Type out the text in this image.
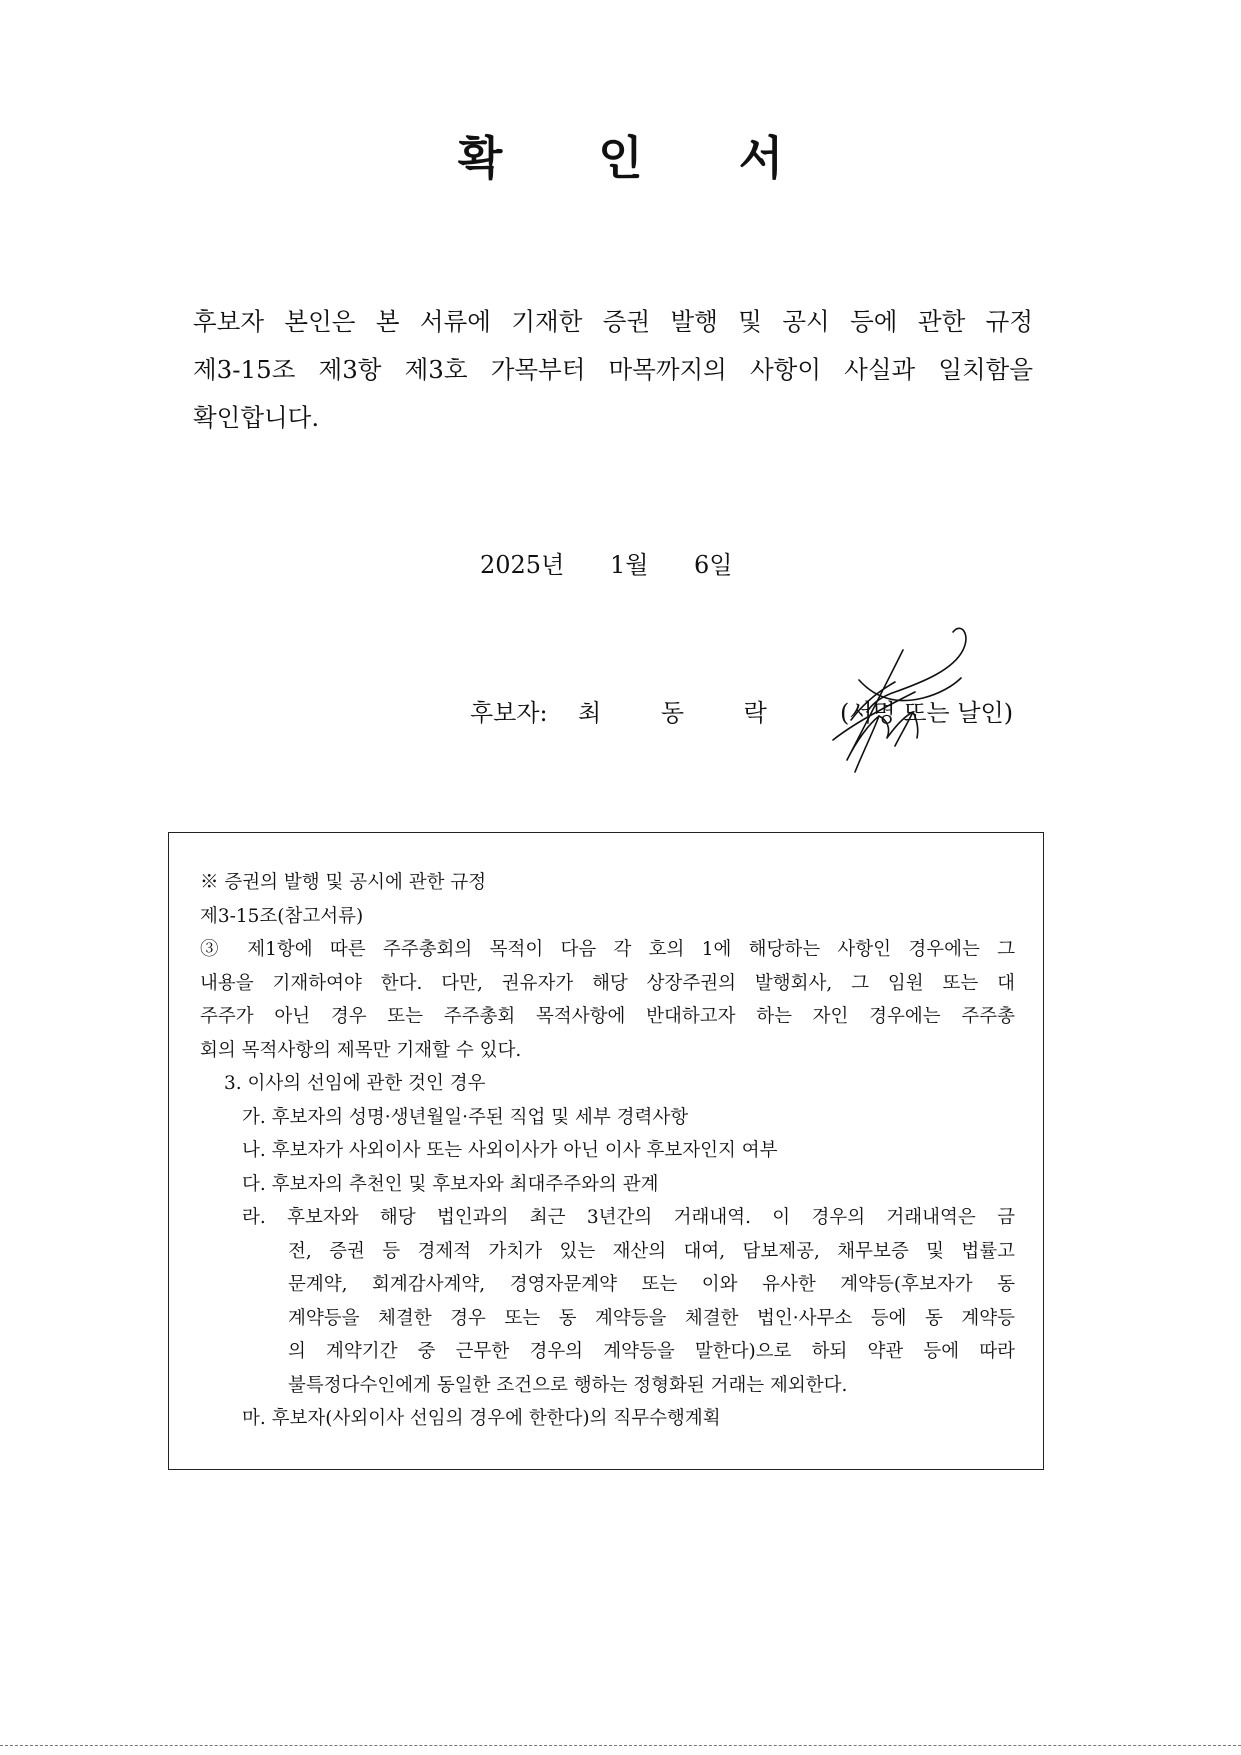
확 인 서
후보자 본인은 본 서류에 기재한 증권 발행 및 공시 등에 관한 규정
제3-15조 제3항 제3호 가목부터 마목까지의 사항이 사실과 일치함을
확인합니다.
2025년 1월 6일
후보자: 최 동 락 (서명 또는 날인)
※ 증권의 발행 및 공시에 관한 규정
제3-15조(참고서류)
③ 제1항에 따른 주주총회의 목적이 다음 각 호의 1에 해당하는 사항인 경우에는 그
내용을 기재하여야 한다. 다만, 권유자가 해당 상장주권의 발행회사, 그 임원 또는 대
주주가 아닌 경우 또는 주주총회 목적사항에 반대하고자 하는 자인 경우에는 주주총
회의 목적사항의 제목만 기재할 수 있다.
3. 이사의 선임에 관한 것인 경우
가. 후보자의 성명·생년월일·주된 직업 및 세부 경력사항
나. 후보자가 사외이사 또는 사외이사가 아닌 이사 후보자인지 여부
다. 후보자의 추천인 및 후보자와 최대주주와의 관계
라. 후보자와 해당 법인과의 최근 3년간의 거래내역. 이 경우의 거래내역은 금
전, 증권 등 경제적 가치가 있는 재산의 대여, 담보제공, 채무보증 및 법률고
문계약, 회계감사계약, 경영자문계약 또는 이와 유사한 계약등(후보자가 동
계약등을 체결한 경우 또는 동 계약등을 체결한 법인·사무소 등에 동 계약등
의 계약기간 중 근무한 경우의 계약등을 말한다)으로 하되 약관 등에 따라
불특정다수인에게 동일한 조건으로 행하는 정형화된 거래는 제외한다.
마. 후보자(사외이사 선임의 경우에 한한다)의 직무수행계획
